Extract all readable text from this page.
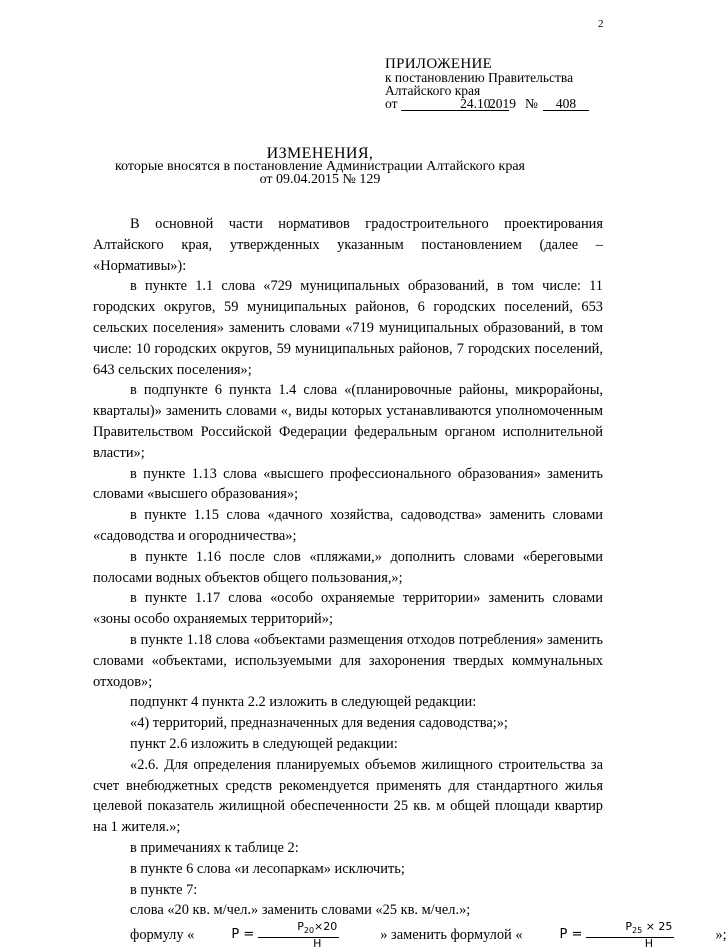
2
ПРИЛОЖЕНИЕ
к постановлению Правительства
Алтайского края
от	24.10.
2019 №	408
ИЗМЕНЕНИЯ,
которые вносятся в постановление Администрации Алтайского края
от 09.04.2015 № 129

В основной части нормативов градостроительного проектирования Алтайского края, утвержденных указанным постановлением (далее – «Нормативы»):

в пункте 1.1 слова «729 муниципальных образований, в том числе: 11 городских округов, 59 муниципальных районов, 6 городских поселений, 653 сельских поселения» заменить словами «719 муниципальных образований, в том числе: 10 городских округов, 59 муниципальных районов, 7 городских поселений, 643 сельских поселения»;

в подпункте 6 пункта 1.4 слова «(планировочные районы, микрорайоны, кварталы)» заменить словами «, виды которых устанавливаются уполномоченным Правительством Российской Федерации федеральным органом исполнительной власти»;

в пункте 1.13 слова «высшего профессионального образования» заменить словами «высшего образования»;

в пункте 1.15 слова «дачного хозяйства, садоводства» заменить словами «садоводства и огородничества»;

в пункте 1.16 после слов «пляжами,» дополнить словами «береговыми полосами водных объектов общего пользования,»;

в пункте 1.17 слова «особо охраняемые территории» заменить словами «зоны особо охраняемых территорий»;

в пункте 1.18 слова «объектами размещения отходов потребления» заменить словами «объектами, используемыми для захоронения твердых коммунальных отходов»;

подпункт 4 пункта 2.2 изложить в следующей редакции:

«4) территорий, предназначенных для ведения садоводства;»;

пункт 2.6 изложить в следующей редакции:

«2.6. Для определения планируемых объемов жилищного строительства за счет внебюджетных средств рекомендуется применять для стандартного жилья целевой показатель жилищной обеспеченности 25 кв. м общей площади квартир на 1 жителя.»;

в примечаниях к таблице 2:

в пункте 6 слова «и лесопаркам» исключить;

в пункте 7:

слова «20 кв. м/чел.» заменить словами «25 кв. м/чел.»;

формулу «	$P = \frac{P_{20}\times 20}{H}$	» заменить формулой «	$P = \frac{P_{25} \times 25}{H}$	»;
